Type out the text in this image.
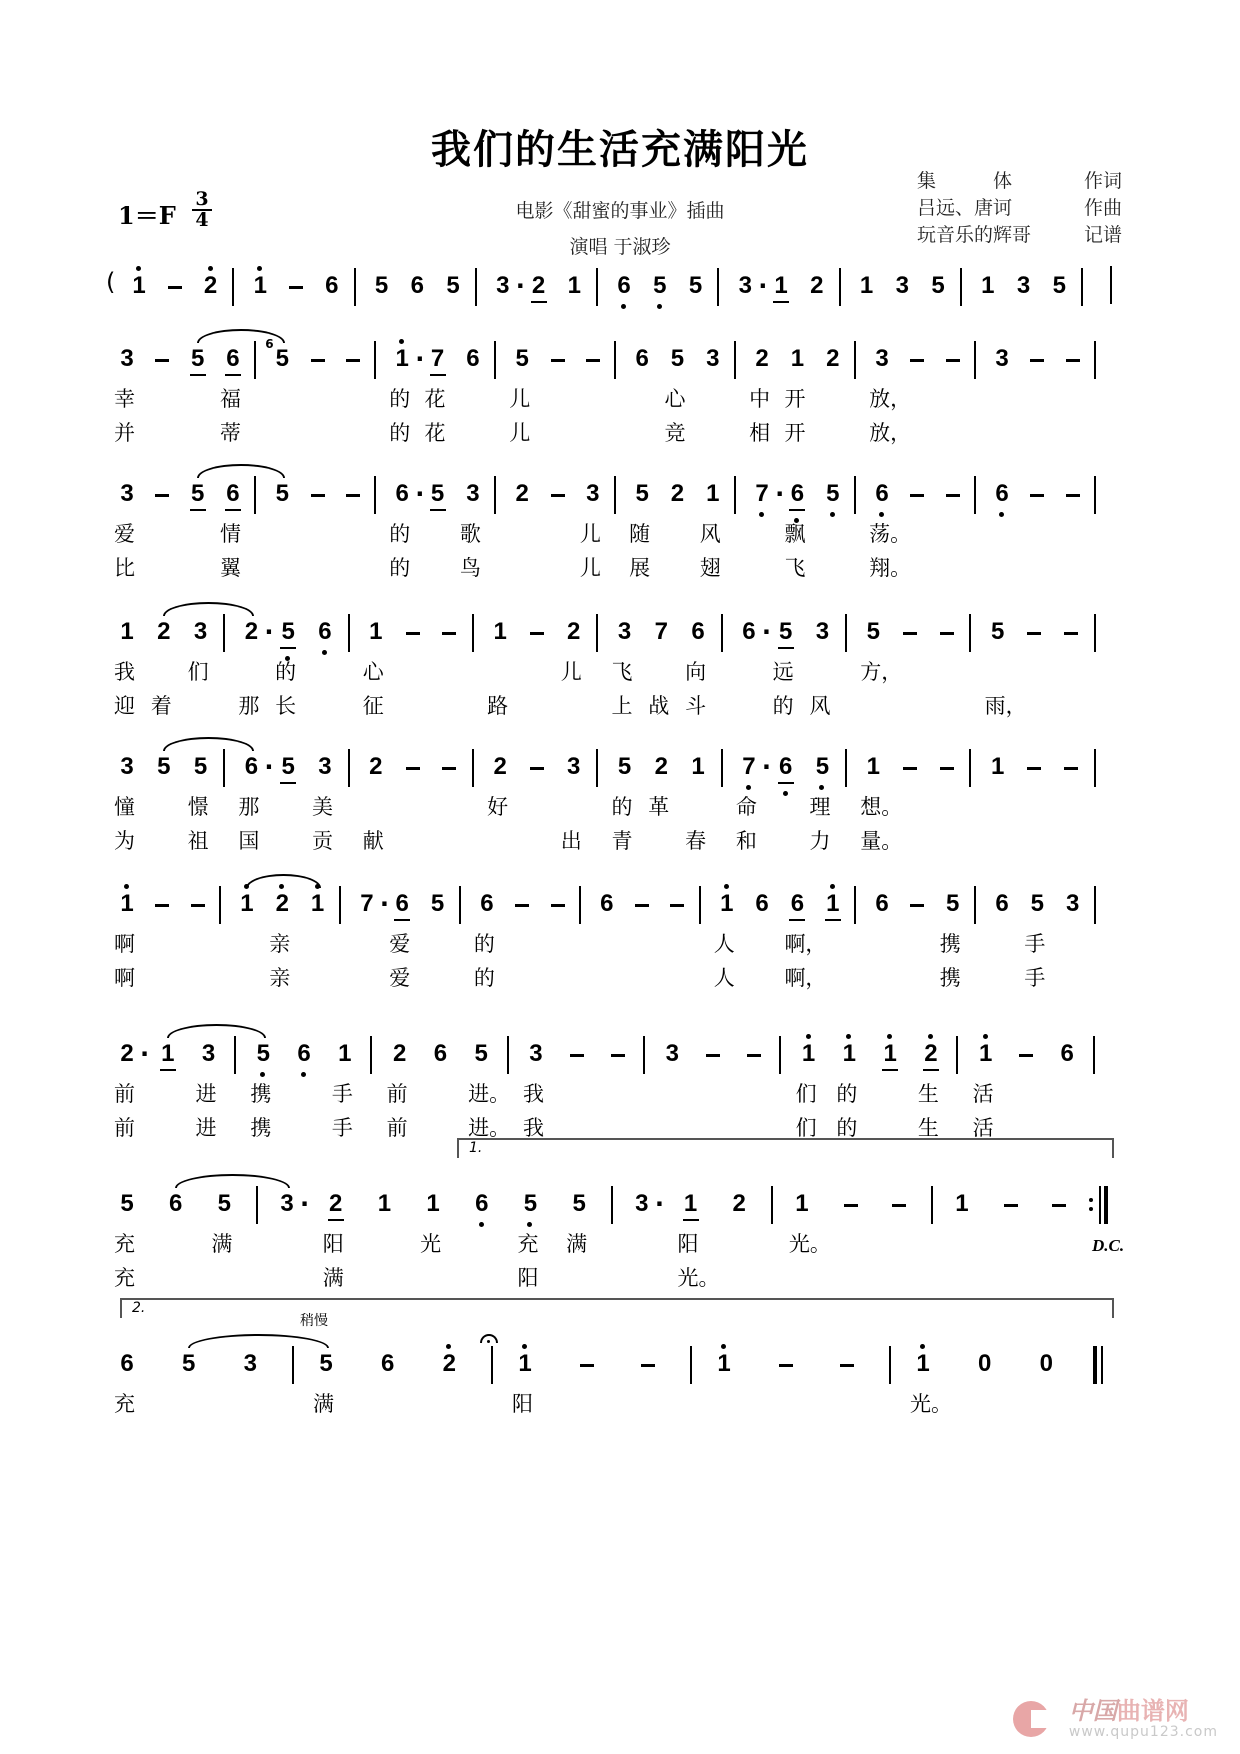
我们的生活充满阳光
$1=F \frac{3}{4}$	电影《甜蜜的事业》插曲
演唱 于淑珍
集　　　体	作词
吕远、唐诃	作曲
玩音乐的辉哥	记谱
( 1 2 1 6 5 6 5 3 · 2 1 6 5 5 3 · 1 2 1 3 5 1 3 5
3 5 6
6
5	1 · 7 6 5	6 5 3 2 1 2 3	3
幸	福	的 花	儿	心	中 开	放，
并	蒂	的 花	儿	竞	相 开	放，
3 5 6 5	6 · 5 3 2 3 5 2 1 7 · 6 5 6	6
爱	情	的 歌	儿 随 风	飘	荡。
比	翼	的 鸟	儿 展 翅	飞	翔。
1 2 3 2 · 5 6 1	1	2 3 7 6 6 · 5 3 5	5
我	们	的	心	儿 飞	向	远	方，
迎 着	那 长	征	路	上 战 斗	的 风	雨，
3 5 5 6 · 5 3 2	2	3 5 2 1 7 · 6 5 1	1
憧	憬 那	美	好	的 革	命	理 想。
为	祖 国	贡 献	出 青	春 和	力 量。
1	1 2 1 7 · 6 5 6	6	1 6 6 1 6 5 6 5 3
啊	亲	爱	的	人 啊，	携	手
啊	亲	爱	的	人 啊，	携	手
2 · 1 3 5 6 1 2 6 5 3	3	1 1 1 2 1	6
前	进 携	手 前	进。 我	们 的	生 活
前	进 携	手 前	进。 我	们 的	生 活
5 6 5 3 · 2 1 1 6 5 5 3 · 1 2 1	1
充	满	阳	光	充 满	阳	光。
充	满	阳	光。
1.
D.C.
6 5 3	5 6 2	1	1	1 0 0
充	满	阳	光。
2.
稍慢
中国曲谱网
www.qupu123.com
